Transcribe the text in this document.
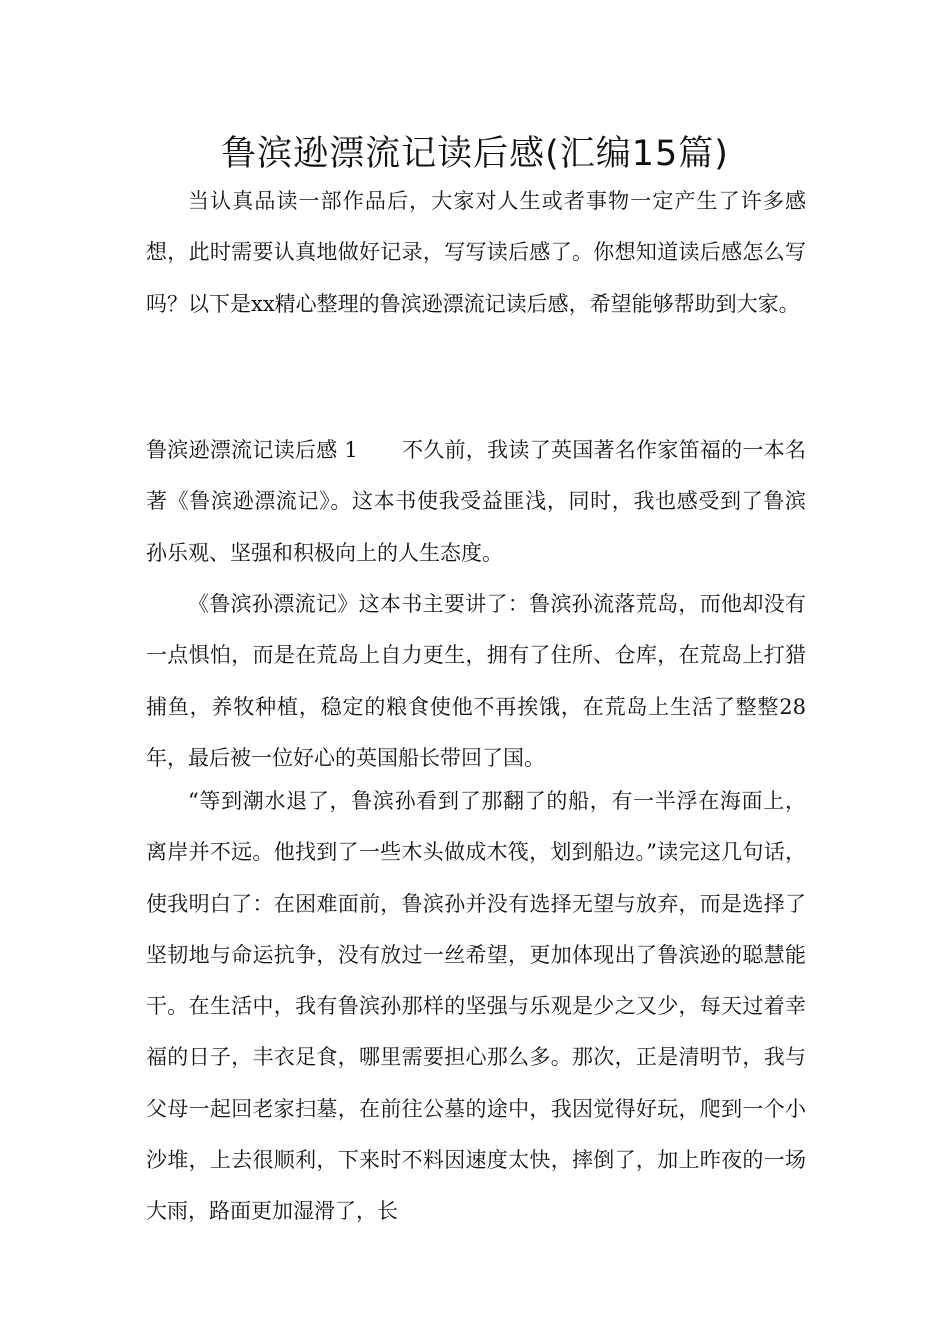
鲁滨逊漂流记读后感(汇编15篇)

当认真品读一部作品后，大家对人生或者事物一定产生了许多感想，此时需要认真地做好记录，写写读后感了。你想知道读后感怎么写吗？以下是xx精心整理的鲁滨逊漂流记读后感，希望能够帮助到大家。

鲁滨逊漂流记读后感 1 不久前，我读了英国著名作家笛福的一本名著《鲁滨逊漂流记》。这本书使我受益匪浅，同时，我也感受到了鲁滨孙乐观、坚强和积极向上的人生态度。

《鲁滨孙漂流记》这本书主要讲了：鲁滨孙流落荒岛，而他却没有一点惧怕，而是在荒岛上自力更生，拥有了住所、仓库，在荒岛上打猎捕鱼，养牧种植，稳定的粮食使他不再挨饿，在荒岛上生活了整整28年，最后被一位好心的英国船长带回了国。

“等到潮水退了，鲁滨孙看到了那翻了的船，有一半浮在海面上，离岸并不远。他找到了一些木头做成木筏，划到船边。”读完这几句话，使我明白了：在困难面前，鲁滨孙并没有选择无望与放弃，而是选择了坚韧地与命运抗争，没有放过一丝希望，更加体现出了鲁滨逊的聪慧能干。在生活中，我有鲁滨孙那样的坚强与乐观是少之又少，每天过着幸福的日子，丰衣足食，哪里需要担心那么多。那次，正是清明节，我与父母一起回老家扫墓，在前往公墓的途中，我因觉得好玩，爬到一个小沙堆，上去很顺利，下来时不料因速度太快，摔倒了，加上昨夜的一场大雨，路面更加湿滑了，长
